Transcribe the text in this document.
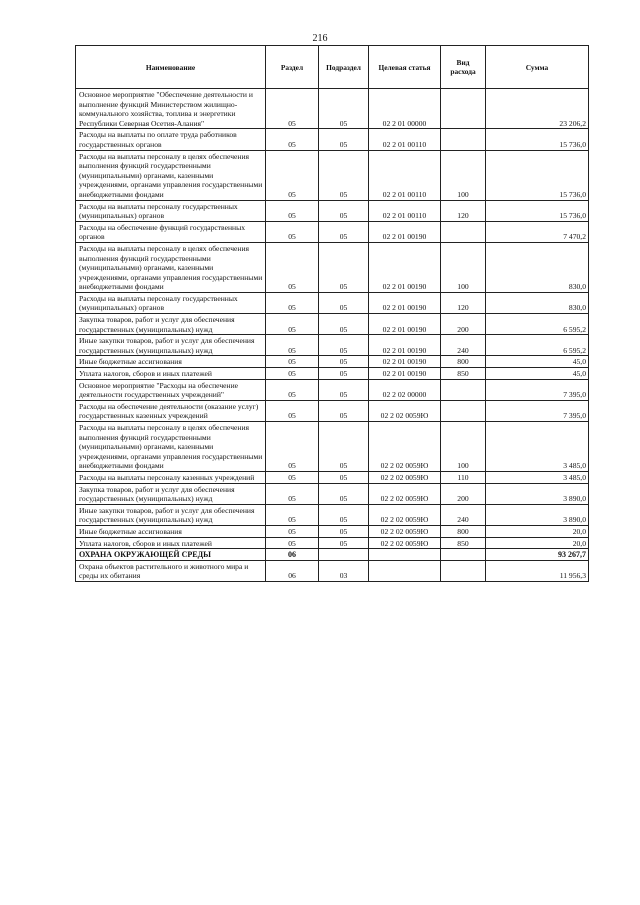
216
Наименование	Раздел	Подраздел	Целевая статья	Вид расхода	Сумма
Основное мероприятие "Обеспечение деятельности и выполнение функций Министерством жилищно-коммунального хозяйства, топлива и энергетики Республики Северная Осетия-Алания"	05	05	02 2 01 00000		23 206,2
Расходы на выплаты по оплате труда работников государственных органов	05	05	02 2 01 00110		15 736,0
Расходы на выплаты персоналу в целях обеспечения выполнения функций государственными (муниципальными) органами, казенными учреждениями, органами управления государственными внебюджетными фондами	05	05	02 2 01 00110	100	15 736,0
Расходы на выплаты персоналу государственных (муниципальных) органов	05	05	02 2 01 00110	120	15 736,0
Расходы на обеспечение функций государственных органов	05	05	02 2 01 00190		7 470,2
Расходы на выплаты персоналу в целях обеспечения выполнения функций государственными (муниципальными) органами, казенными учреждениями, органами управления государственными внебюджетными фондами	05	05	02 2 01 00190	100	830,0
Расходы на выплаты персоналу государственных (муниципальных) органов	05	05	02 2 01 00190	120	830,0
Закупка товаров, работ и услуг для обеспечения государственных (муниципальных) нужд	05	05	02 2 01 00190	200	6 595,2
Иные закупки товаров, работ и услуг для обеспечения государственных (муниципальных) нужд	05	05	02 2 01 00190	240	6 595,2
Иные бюджетные ассигнования	05	05	02 2 01 00190	800	45,0
Уплата налогов, сборов и иных платежей	05	05	02 2 01 00190	850	45,0
Основное мероприятие "Расходы на обеспечение деятельности государственных учреждений"	05	05	02 2 02 00000		7 395,0
Расходы на обеспечение деятельности (оказание услуг) государственных казенных учреждений	05	05	02 2 02 0059Ю		7 395,0
Расходы на выплаты персоналу в целях обеспечения выполнения функций государственными (муниципальными) органами, казенными учреждениями, органами управления государственными внебюджетными фондами	05	05	02 2 02 0059Ю	100	3 485,0
Расходы на выплаты персоналу казенных учреждений	05	05	02 2 02 0059Ю	110	3 485,0
Закупка товаров, работ и услуг для обеспечения государственных (муниципальных) нужд	05	05	02 2 02 0059Ю	200	3 890,0
Иные закупки товаров, работ и услуг для обеспечения государственных (муниципальных) нужд	05	05	02 2 02 0059Ю	240	3 890,0
Иные бюджетные ассигнования	05	05	02 2 02 0059Ю	800	20,0
Уплата налогов, сборов и иных платежей	05	05	02 2 02 0059Ю	850	20,0
ОХРАНА ОКРУЖАЮЩЕЙ СРЕДЫ	06				93 267,7
Охрана объектов растительного и животного мира и среды их обитания	06	03			11 956,3
